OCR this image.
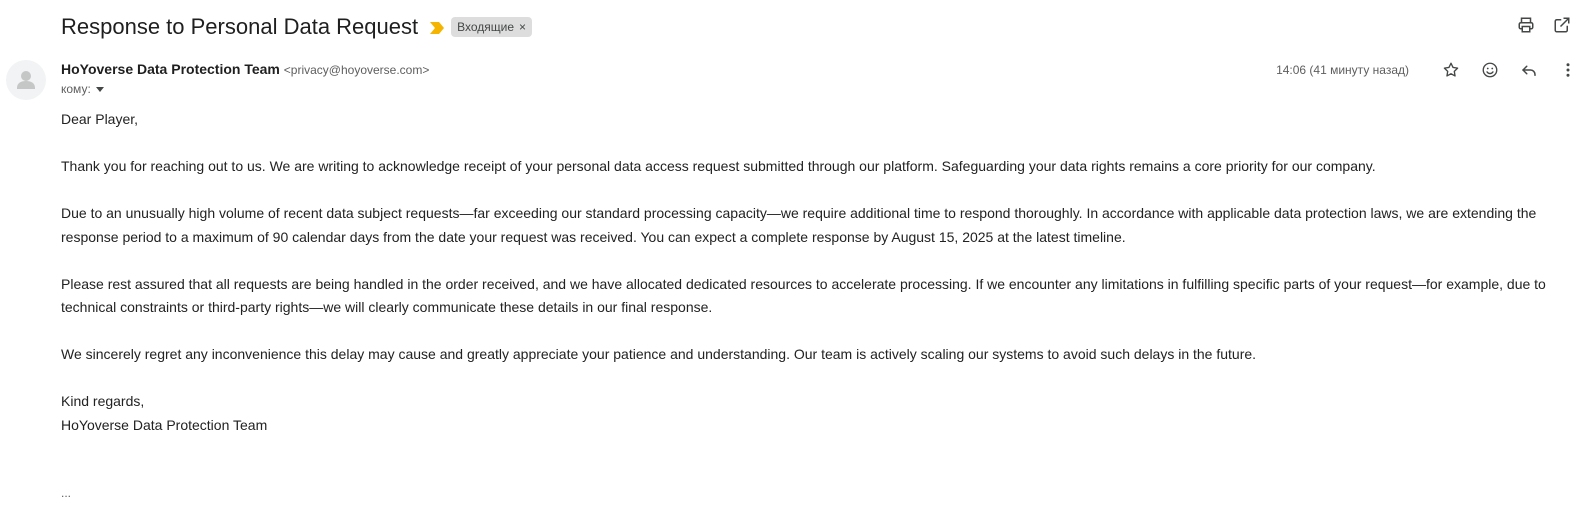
Response to Personal Data Request	Входящие ×
HoYoverse Data Protection Team <privacy@hoyoverse.com>
кому:
14:06 (41 минуту назад)

Dear Player,

Thank you for reaching out to us. We are writing to acknowledge receipt of your personal data access request submitted through our platform. Safeguarding your data rights remains a core priority for our company.

Due to an unusually high volume of recent data subject requests—far exceeding our standard processing capacity—we require additional time to respond thoroughly. In accordance with applicable data protection laws, we are extending the response period to a maximum of 90 calendar days from the date your request was received. You can expect a complete response by August 15, 2025 at the latest timeline.

Please rest assured that all requests are being handled in the order received, and we have allocated dedicated resources to accelerate processing. If we encounter any limitations in fulfilling specific parts of your request—for example, due to technical constraints or third-party rights—we will clearly communicate these details in our final response.

We sincerely regret any inconvenience this delay may cause and greatly appreciate your patience and understanding. Our team is actively scaling our systems to avoid such delays in the future.

Kind regards,

HoYoverse Data Protection Team

...
